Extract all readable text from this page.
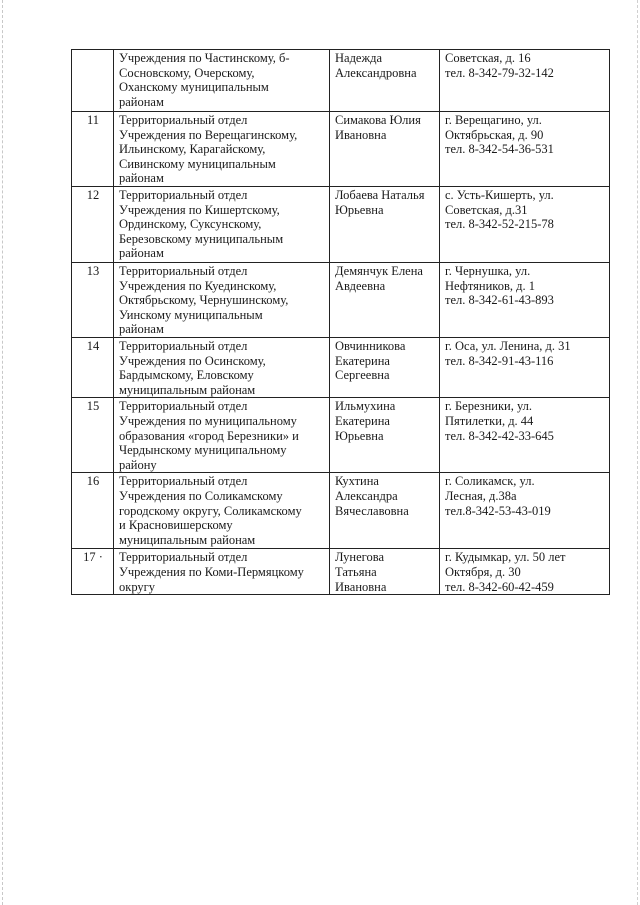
	Учреждения по Частинскому, б-
Сосновскому, Очерскому,
Оханскому муниципальным
районам	Надежда
Александровна	Советская, д. 16
тел. 8-342-79-32-142

11	Территориальный отдел
Учреждения по Верещагинскому,
Ильинскому, Карагайскому,
Сивинскому муниципальным
районам	Симакова Юлия
Ивановна	г. Верещагино, ул.
Октябрьская, д. 90
тел. 8-342-54-36-531

12	Территориальный отдел
Учреждения по Кишертскому,
Ординскому, Суксунскому,
Березовскому муниципальным
районам	Лобаева Наталья
Юрьевна	с. Усть-Кишерть, ул.
Советская, д.31
тел. 8-342-52-215-78

13	Территориальный отдел
Учреждения по Куединскому,
Октябрьскому, Чернушинскому,
Уинскому муниципальным
районам	Демянчук Елена
Авдеевна	г. Чернушка, ул.
Нефтяников, д. 1
тел. 8-342-61-43-893

14	Территориальный отдел
Учреждения по Осинскому,
Бардымскому, Еловскому
муниципальным районам	Овчинникова
Екатерина
Сергеевна	г. Оса, ул. Ленина, д. 31
тел. 8-342-91-43-116

15	Территориальный отдел
Учреждения по муниципальному
образования «город Березники» и
Чердынскому муниципальному
району	Ильмухина
Екатерина
Юрьевна	г. Березники, ул.
Пятилетки, д. 44
тел. 8-342-42-33-645

16	Территориальный отдел
Учреждения по Соликамскому
городскому округу, Соликамскому
и Красновишерскому
муниципальным районам	Кухтина
Александра
Вячеславовна	г. Соликамск, ул.
Лесная, д.38а
тел.8-342-53-43-019

17 ·	Территориальный отдел
Учреждения по Коми-Пермяцкому
округу	Лунегова
Татьяна
Ивановна	г. Кудымкар, ул. 50 лет
Октября, д. 30
тел. 8-342-60-42-459
